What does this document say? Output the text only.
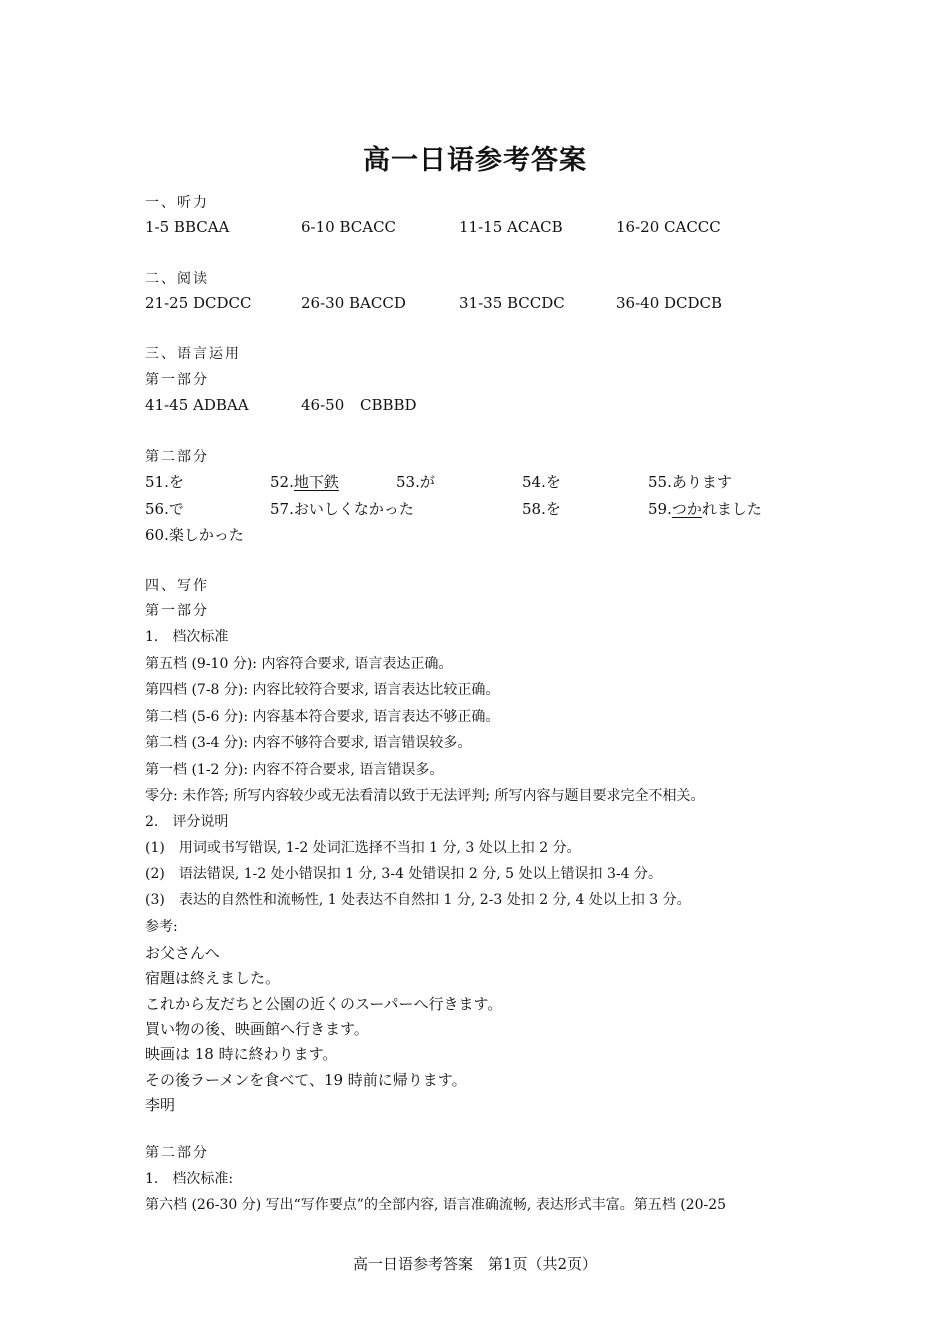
高一日语参考答案
一、听力
1-5 BBCAA	6-10 BCACC	11-15 ACACB	16-20 CACCC
二、阅读
21-25 DCDCC	26-30 BACCD	31-35 BCCDC	36-40 DCDCB
三、语言运用
第一部分
41-45 ADBAA	46-50 CBBBD
第二部分
51.を	52.地下鉄	53.が	54.を	55.あります
56.で	57.おいしくなかった	58.を	59.つかれました
60.楽しかった
四、写作
第一部分
1.　档次标准
第五档 (9-10 分): 内容符合要求, 语言表达正确。
第四档 (7-8 分): 内容比较符合要求, 语言表达比较正确。
第二档 (5-6 分): 内容基本符合要求, 语言表达不够正确。
第二档 (3-4 分): 内容不够符合要求, 语言错误较多。
第一档 (1-2 分): 内容不符合要求, 语言错误多。
零分: 未作答; 所写内容较少或无法看清以致于无法评判; 所写内容与题目要求完全不相关。
2.　评分说明
(1)　用词或书写错误, 1-2 处词汇选择不当扣 1 分, 3 处以上扣 2 分。
(2)　语法错误, 1-2 处小错误扣 1 分, 3-4 处错误扣 2 分, 5 处以上错误扣 3-4 分。
(3)　表达的自然性和流畅性, 1 处表达不自然扣 1 分, 2-3 处扣 2 分, 4 处以上扣 3 分。
参考:
お父さんへ
宿題は終えました。
これから友だちと公園の近くのスーパーへ行きます。
買い物の後、映画館へ行きます。
映画は 18 時に終わります。
その後ラーメンを食べて、19 時前に帰ります。
李明
第二部分
1.　档次标准:
第六档 (26-30 分) 写出“写作要点”的全部内容, 语言准确流畅, 表达形式丰富。第五档 (20-25
高一日语参考答案　第1页（共2页）
